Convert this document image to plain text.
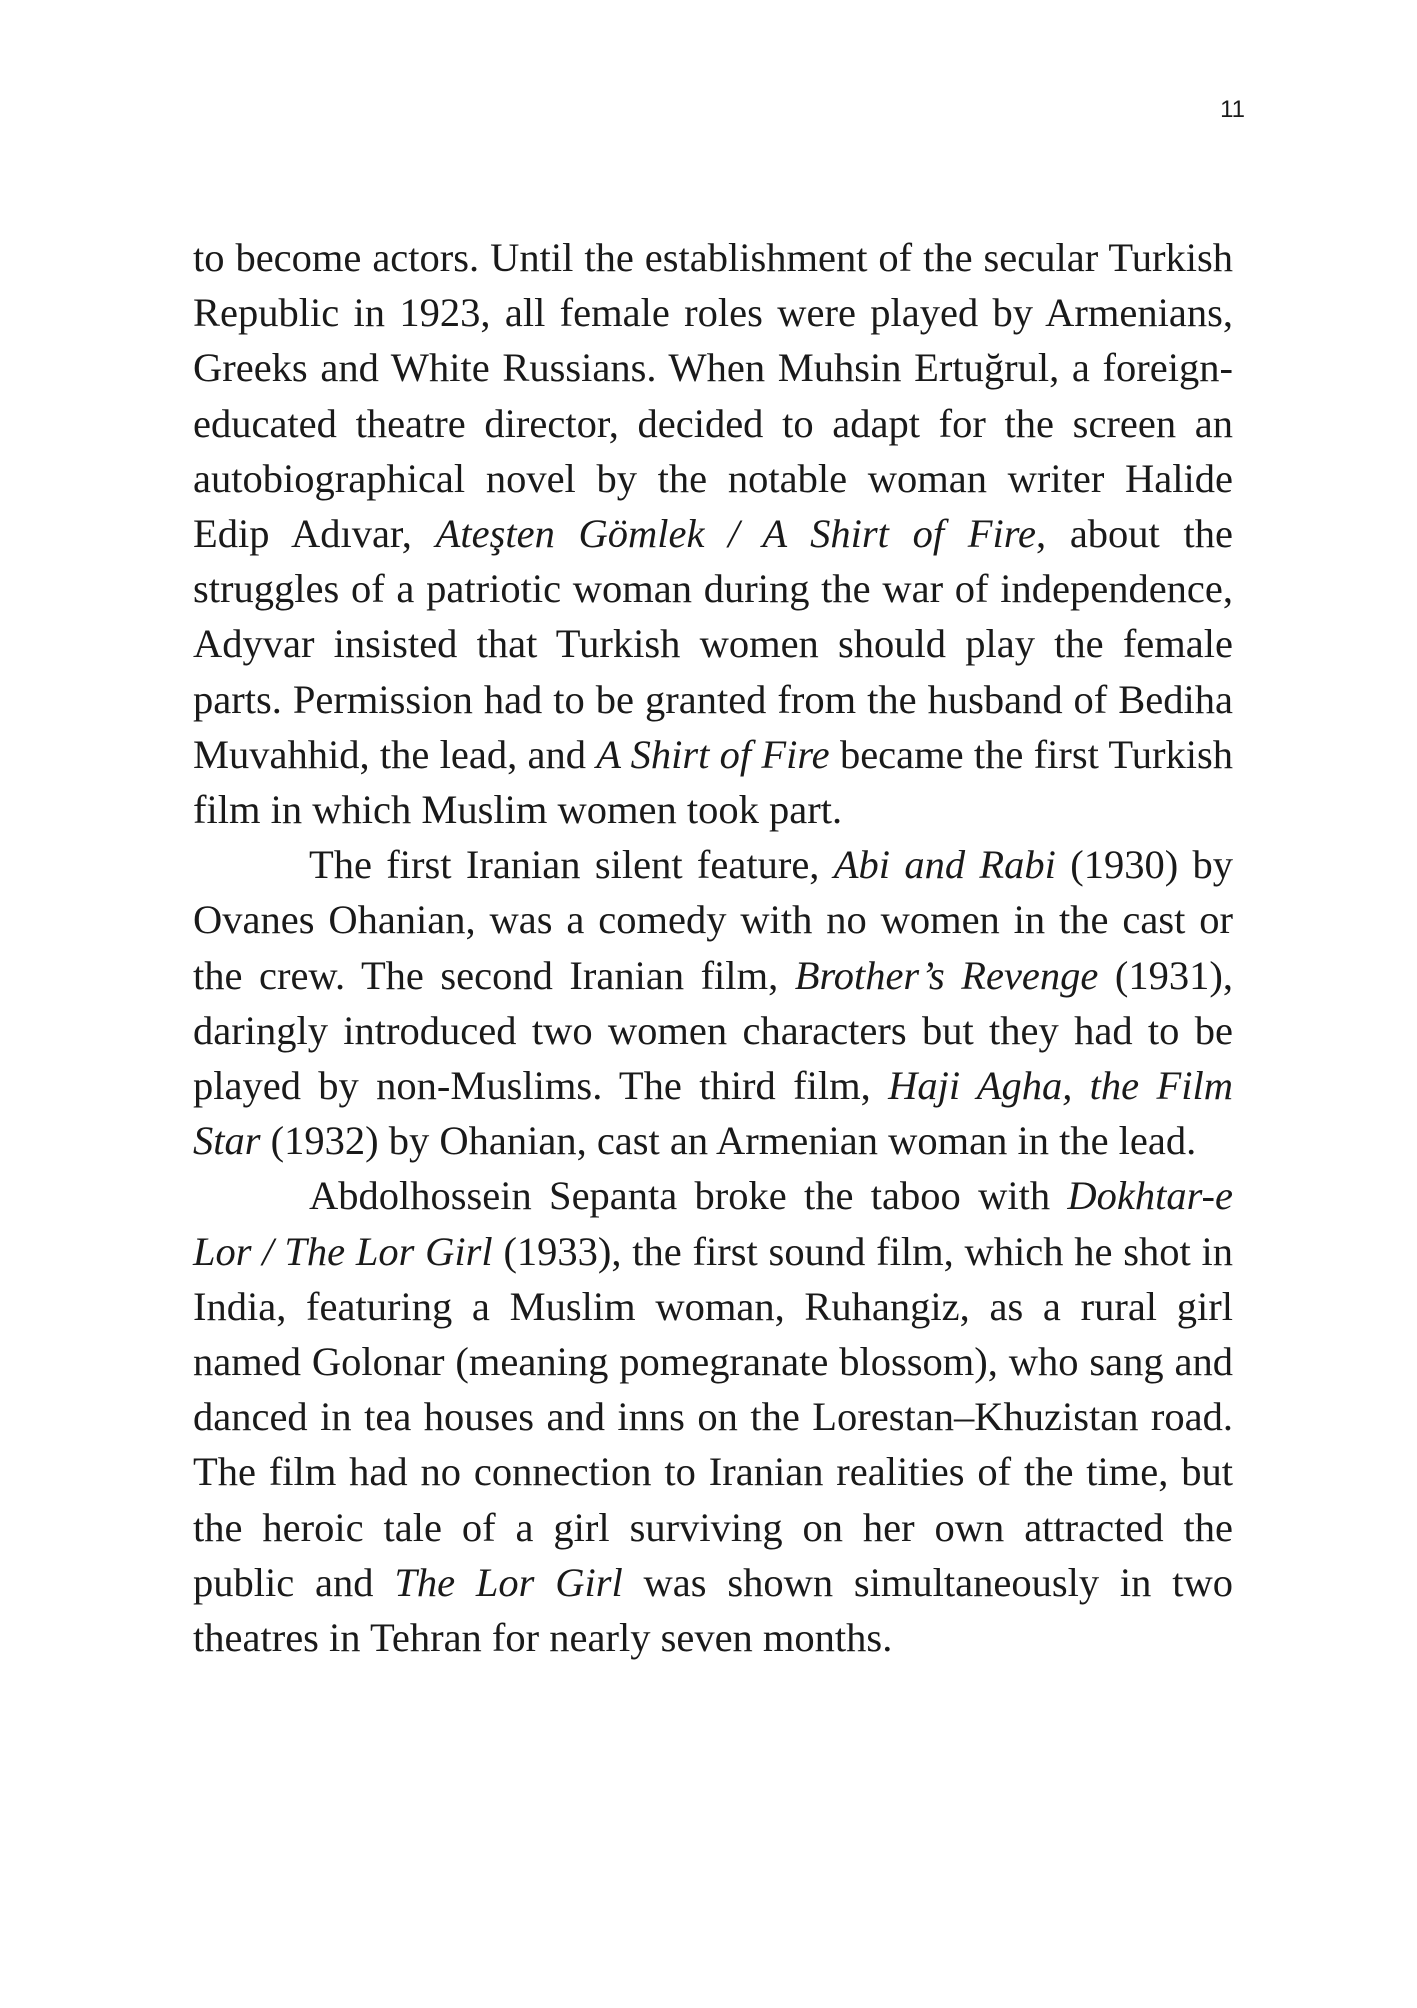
11

to become actors. Until the establishment of the secular Turkish Republic in 1923, all female roles were played by Armenians, Greeks and White Russians. When Muhsin Ertuğrul, a foreign-educated theatre director, decided to adapt for the screen an autobiographical novel by the notable woman writer Halide Edip Adıvar, Ateşten Gömlek / A Shirt of Fire, about the struggles of a patriotic woman during the war of independence, Adyvar insisted that Turkish women should play the female parts. Permission had to be granted from the husband of Bediha Muvahhid, the lead, and A Shirt of Fire became the first Turkish film in which Muslim women took part.

The first Iranian silent feature, Abi and Rabi (1930) by Ovanes Ohanian, was a comedy with no women in the cast or the crew. The second Iranian film, Brother’s Revenge (1931), daringly introduced two women characters but they had to be played by non-Muslims. The third film, Haji Agha, the Film Star (1932) by Ohanian, cast an Armenian woman in the lead.

Abdolhossein Sepanta broke the taboo with Dokhtar-e Lor / The Lor Girl (1933), the first sound film, which he shot in India, featuring a Muslim woman, Ruhangiz, as a rural girl named Golonar (meaning pomegranate blossom), who sang and danced in tea houses and inns on the Lorestan–Khuzistan road. The film had no connection to Iranian realities of the time, but the heroic tale of a girl surviving on her own attracted the public and The Lor Girl was shown simultaneously in two theatres in Tehran for nearly seven months.
